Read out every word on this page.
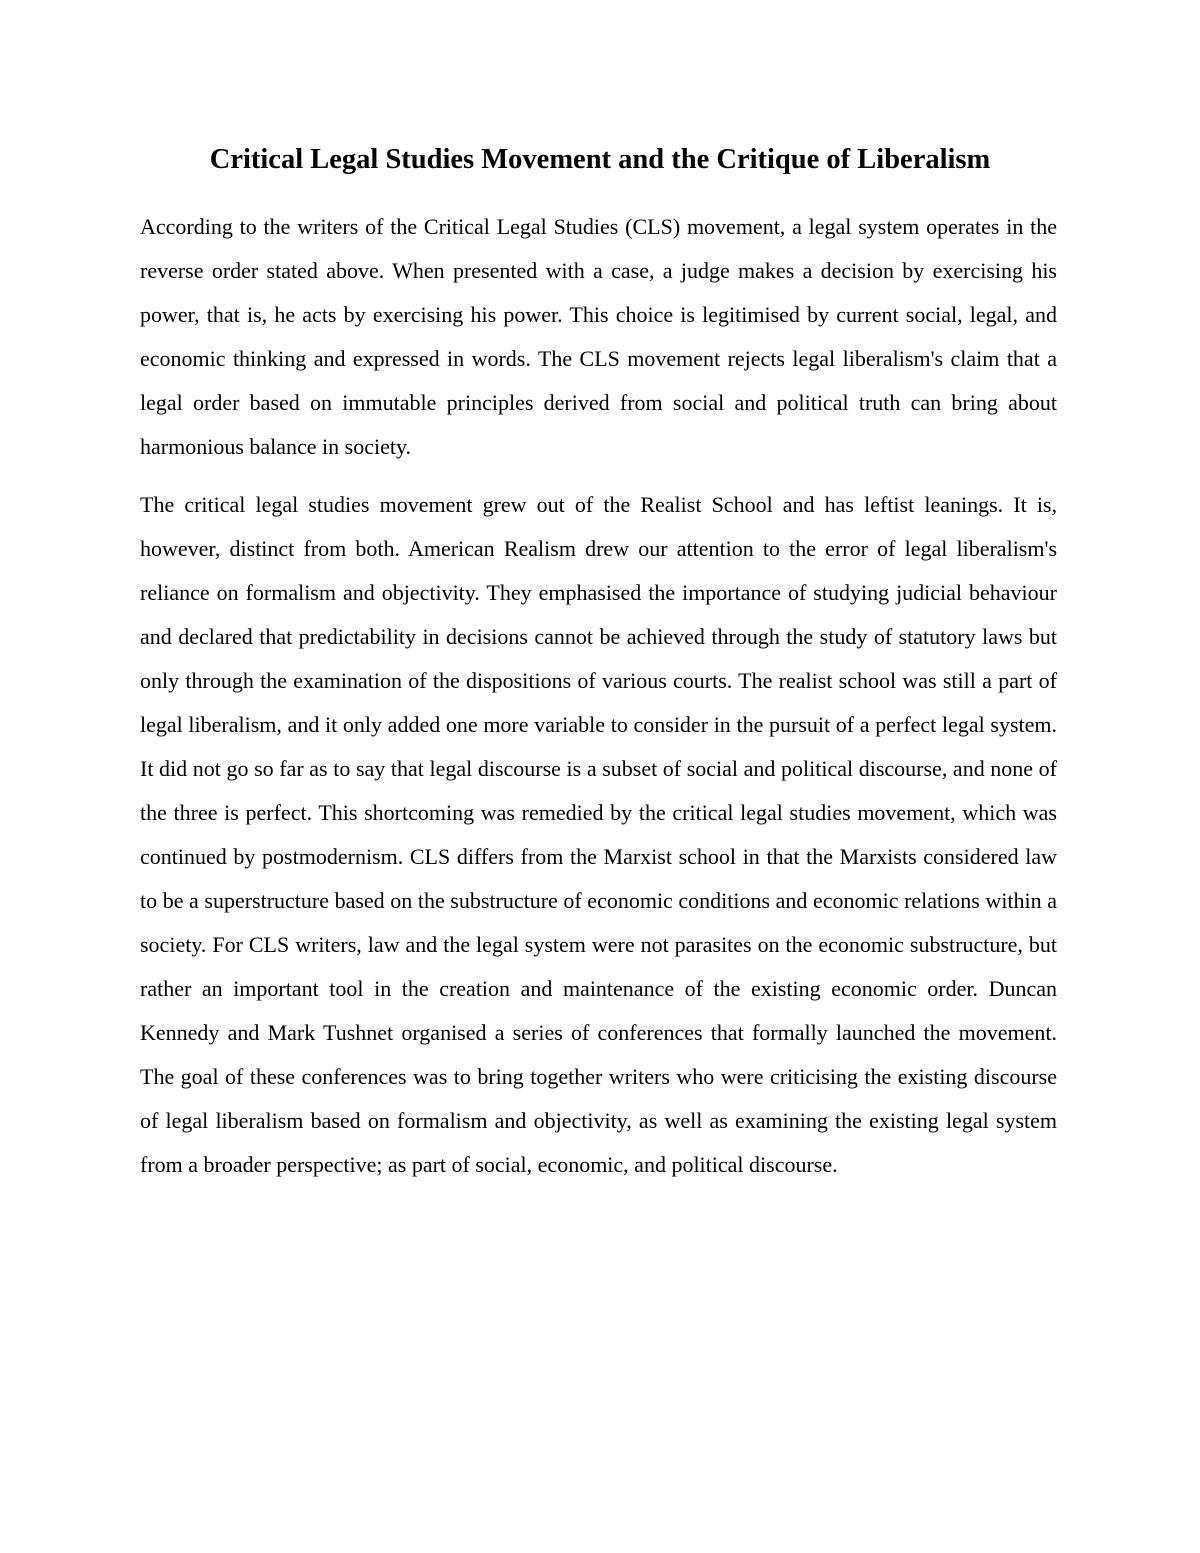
Critical Legal Studies Movement and the Critique of Liberalism

According to the writers of the Critical Legal Studies (CLS) movement, a legal system operates in the reverse order stated above. When presented with a case, a judge makes a decision by exercising his power, that is, he acts by exercising his power. This choice is legitimised by current social, legal, and economic thinking and expressed in words. The CLS movement rejects legal liberalism's claim that a legal order based on immutable principles derived from social and political truth can bring about harmonious balance in society.

The critical legal studies movement grew out of the Realist School and has leftist leanings. It is, however, distinct from both. American Realism drew our attention to the error of legal liberalism's reliance on formalism and objectivity. They emphasised the importance of studying judicial behaviour and declared that predictability in decisions cannot be achieved through the study of statutory laws but only through the examination of the dispositions of various courts. The realist school was still a part of legal liberalism, and it only added one more variable to consider in the pursuit of a perfect legal system. It did not go so far as to say that legal discourse is a subset of social and political discourse, and none of the three is perfect. This shortcoming was remedied by the critical legal studies movement, which was continued by postmodernism. CLS differs from the Marxist school in that the Marxists considered law to be a superstructure based on the substructure of economic conditions and economic relations within a society. For CLS writers, law and the legal system were not parasites on the economic substructure, but rather an important tool in the creation and maintenance of the existing economic order. Duncan Kennedy and Mark Tushnet organised a series of conferences that formally launched the movement. The goal of these conferences was to bring together writers who were criticising the existing discourse of legal liberalism based on formalism and objectivity, as well as examining the existing legal system from a broader perspective; as part of social, economic, and political discourse.
